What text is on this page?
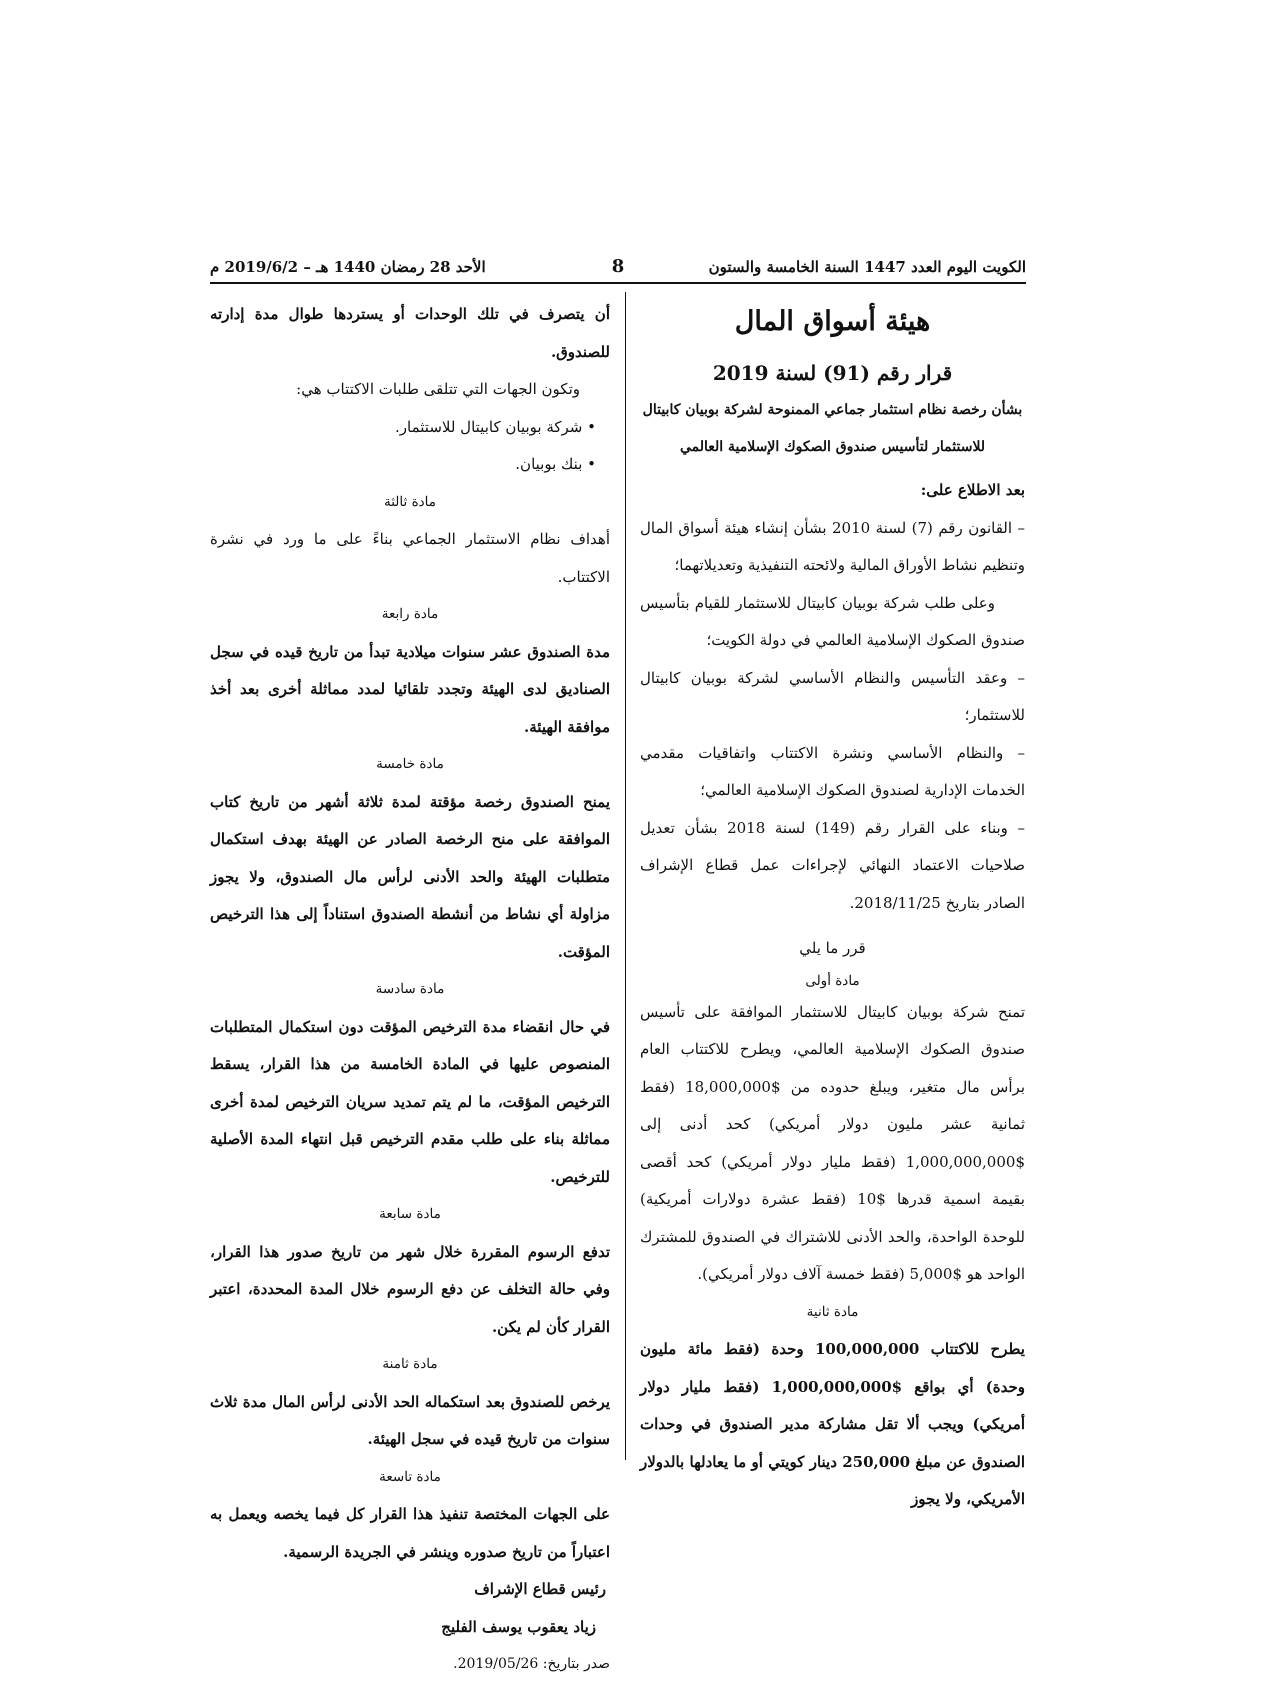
الكويت اليوم العدد 1447 السنة الخامسة والستون
8
الأحد 28 رمضان 1440 هـ – 2019/6/2 م

هيئة أسواق المال

قرار رقم (91) لسنة 2019

بشأن رخصة نظام استثمار جماعي الممنوحة لشركة بوبيان كابيتال

للاستثمار لتأسيس صندوق الصكوك الإسلامية العالمي

بعد الاطلاع على:

– القانون رقم (7) لسنة 2010 بشأن إنشاء هيئة أسواق المال وتنظيم نشاط الأوراق المالية ولائحته التنفيذية وتعديلاتهما؛

وعلى طلب شركة بوبيان كابيتال للاستثمار للقيام بتأسيس صندوق الصكوك الإسلامية العالمي في دولة الكويت؛

– وعقد التأسيس والنظام الأساسي لشركة بوبيان كابيتال للاستثمار؛

– والنظام الأساسي ونشرة الاكتتاب واتفاقيات مقدمي الخدمات الإدارية لصندوق الصكوك الإسلامية العالمي؛

– وبناء على القرار رقم (149) لسنة 2018 بشأن تعديل صلاحيات الاعتماد النهائي لإجراءات عمل قطاع الإشراف الصادر بتاريخ 2018/11/25.

قرر ما يلي

مادة أولى

تمنح شركة بوبيان كابيتال للاستثمار الموافقة على تأسيس صندوق الصكوك الإسلامية العالمي، ويطرح للاكتتاب العام برأس مال متغير، ويبلغ حدوده من $18,000,000 (فقط ثمانية عشر مليون دولار أمريكي) كحد أدنى إلى $1,000,000,000 (فقط مليار دولار أمريكي) كحد أقصى بقيمة اسمية قدرها $10 (فقط عشرة دولارات أمريكية) للوحدة الواحدة، والحد الأدنى للاشتراك في الصندوق للمشترك الواحد هو $5,000 (فقط خمسة آلاف دولار أمريكي).

مادة ثانية

يطرح للاكتتاب 100,000,000 وحدة (فقط مائة مليون وحدة) أي بواقع $1,000,000,000 (فقط مليار دولار أمريكي) ويجب ألا تقل مشاركة مدير الصندوق في وحدات الصندوق عن مبلغ 250,000 دينار كويتي أو ما يعادلها بالدولار الأمريكي، ولا يجوز

أن يتصرف في تلك الوحدات أو يستردها طوال مدة إدارته للصندوق.

وتكون الجهات التي تتلقى طلبات الاكتتاب هي:

• شركة بوبيان كابيتال للاستثمار.

• بنك بوبيان.

مادة ثالثة

أهداف نظام الاستثمار الجماعي بناءً على ما ورد في نشرة الاكتتاب.

مادة رابعة

مدة الصندوق عشر سنوات ميلادية تبدأ من تاريخ قيده في سجل الصناديق لدى الهيئة وتجدد تلقائيا لمدد مماثلة أخرى بعد أخذ موافقة الهيئة.

مادة خامسة

يمنح الصندوق رخصة مؤقتة لمدة ثلاثة أشهر من تاريخ كتاب الموافقة على منح الرخصة الصادر عن الهيئة بهدف استكمال متطلبات الهيئة والحد الأدنى لرأس مال الصندوق، ولا يجوز مزاولة أي نشاط من أنشطة الصندوق استناداً إلى هذا الترخيص المؤقت.

مادة سادسة

في حال انقضاء مدة الترخيص المؤقت دون استكمال المتطلبات المنصوص عليها في المادة الخامسة من هذا القرار، يسقط الترخيص المؤقت، ما لم يتم تمديد سريان الترخيص لمدة أخرى مماثلة بناء على طلب مقدم الترخيص قبل انتهاء المدة الأصلية للترخيص.

مادة سابعة

تدفع الرسوم المقررة خلال شهر من تاريخ صدور هذا القرار، وفي حالة التخلف عن دفع الرسوم خلال المدة المحددة، اعتبر القرار كأن لم يكن.

مادة ثامنة

يرخص للصندوق بعد استكماله الحد الأدنى لرأس المال مدة ثلاث سنوات من تاريخ قيده في سجل الهيئة.

مادة تاسعة

على الجهات المختصة تنفيذ هذا القرار كل فيما يخصه ويعمل به اعتباراً من تاريخ صدوره وينشر في الجريدة الرسمية.

رئيس قطاع الإشراف

زياد يعقوب يوسف الفليج

صدر بتاريخ: 2019/05/26.
